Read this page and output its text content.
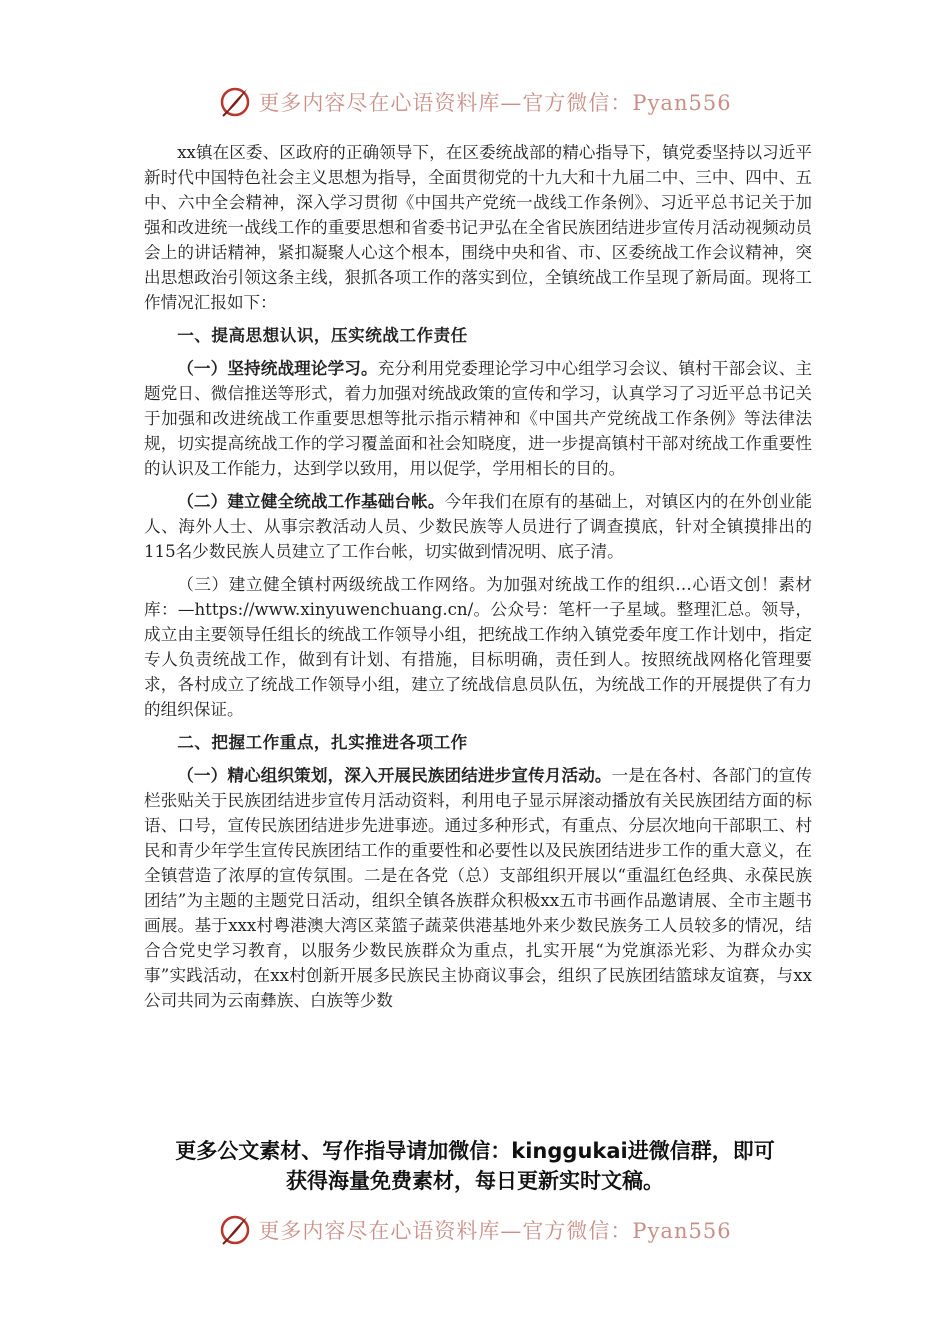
更多内容尽在心语资料库—官方微信：Pyan556

xx镇在区委、区政府的正确领导下，在区委统战部的精心指导下，镇党委坚持以习近平新时代中国特色社会主义思想为指导，全面贯彻党的十九大和十九届二中、三中、四中、五中、六中全会精神，深入学习贯彻《中国共产党统一战线工作条例》、习近平总书记关于加强和改进统一战线工作的重要思想和省委书记尹弘在全省民族团结进步宣传月活动视频动员会上的讲话精神，紧扣凝聚人心这个根本，围绕中央和省、市、区委统战工作会议精神，突出思想政治引领这条主线，狠抓各项工作的落实到位，全镇统战工作呈现了新局面。现将工作情况汇报如下：

一、提高思想认识，压实统战工作责任

（一）坚持统战理论学习。充分利用党委理论学习中心组学习会议、镇村干部会议、主题党日、微信推送等形式，着力加强对统战政策的宣传和学习，认真学习了习近平总书记关于加强和改进统战工作重要思想等批示指示精神和《中国共产党统战工作条例》等法律法规，切实提高统战工作的学习覆盖面和社会知晓度，进一步提高镇村干部对统战工作重要性的认识及工作能力，达到学以致用，用以促学，学用相长的目的。

（二）建立健全统战工作基础台帐。今年我们在原有的基础上，对镇区内的在外创业能人、海外人士、从事宗教活动人员、少数民族等人员进行了调查摸底，针对全镇摸排出的115名少数民族人员建立了工作台帐，切实做到情况明、底子清。

（三）建立健全镇村两级统战工作网络。为加强对统战工作的组织…心语文创！素材库：—https://www.xinyuwenchuang.cn/。公众号：笔杆一子星域。整理汇总。领导，成立由主要领导任组长的统战工作领导小组，把统战工作纳入镇党委年度工作计划中，指定专人负责统战工作，做到有计划、有措施，目标明确，责任到人。按照统战网格化管理要求，各村成立了统战工作领导小组，建立了统战信息员队伍，为统战工作的开展提供了有力的组织保证。

二、把握工作重点，扎实推进各项工作

（一）精心组织策划，深入开展民族团结进步宣传月活动。一是在各村、各部门的宣传栏张贴关于民族团结进步宣传月活动资料，利用电子显示屏滚动播放有关民族团结方面的标语、口号，宣传民族团结进步先进事迹。通过多种形式，有重点、分层次地向干部职工、村民和青少年学生宣传民族团结工作的重要性和必要性以及民族团结进步工作的重大意义，在全镇营造了浓厚的宣传氛围。二是在各党（总）支部组织开展以“重温红色经典、永葆民族团结”为主题的主题党日活动，组织全镇各族群众积极xx五市书画作品邀请展、全市主题书画展。基于xxx村粤港澳大湾区菜篮子蔬菜供港基地外来少数民族务工人员较多的情况，结合合党史学习教育，以服务少数民族群众为重点，扎实开展“为党旗添光彩、为群众办实事”实践活动，在xx村创新开展多民族民主协商议事会，组织了民族团结篮球友谊赛，与xx公司共同为云南彝族、白族等少数

更多公文素材、写作指导请加微信：kinggukai进微信群，即可
获得海量免费素材，每日更新实时文稿。
更多内容尽在心语资料库—官方微信：Pyan556
